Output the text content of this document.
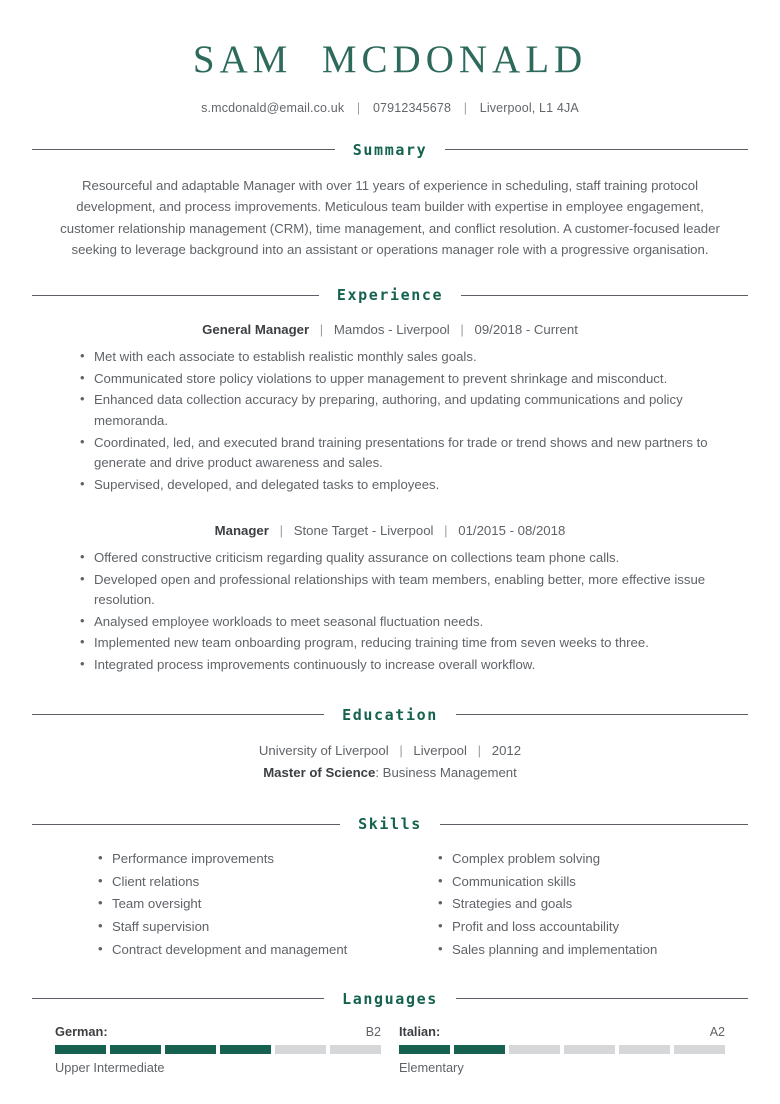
SAM  MCDONALD
s.mcdonald@email.co.uk | 07912345678 | Liverpool, L1 4JA
Summary
Resourceful and adaptable Manager with over 11 years of experience in scheduling, staff training protocol development, and process improvements. Meticulous team builder with expertise in employee engagement, customer relationship management (CRM), time management, and conflict resolution. A customer-focused leader seeking to leverage background into an assistant or operations manager role with a progressive organisation.
Experience
General Manager | Mamdos - Liverpool | 09/2018 - Current
• Met with each associate to establish realistic monthly sales goals.
• Communicated store policy violations to upper management to prevent shrinkage and misconduct.
• Enhanced data collection accuracy by preparing, authoring, and updating communications and policy memoranda.
• Coordinated, led, and executed brand training presentations for trade or trend shows and new partners to generate and drive product awareness and sales.
• Supervised, developed, and delegated tasks to employees.
Manager | Stone Target - Liverpool | 01/2015 - 08/2018
• Offered constructive criticism regarding quality assurance on collections team phone calls.
• Developed open and professional relationships with team members, enabling better, more effective issue resolution.
• Analysed employee workloads to meet seasonal fluctuation needs.
• Implemented new team onboarding program, reducing training time from seven weeks to three.
• Integrated process improvements continuously to increase overall workflow.
Education
University of Liverpool | Liverpool | 2012
Master of Science: Business Management
Skills
• Performance improvements
• Client relations
• Team oversight
• Staff supervision
• Contract development and management
• Complex problem solving
• Communication skills
• Strategies and goals
• Profit and loss accountability
• Sales planning and implementation
Languages
German:	B2
Upper Intermediate
Italian:	A2
Elementary
